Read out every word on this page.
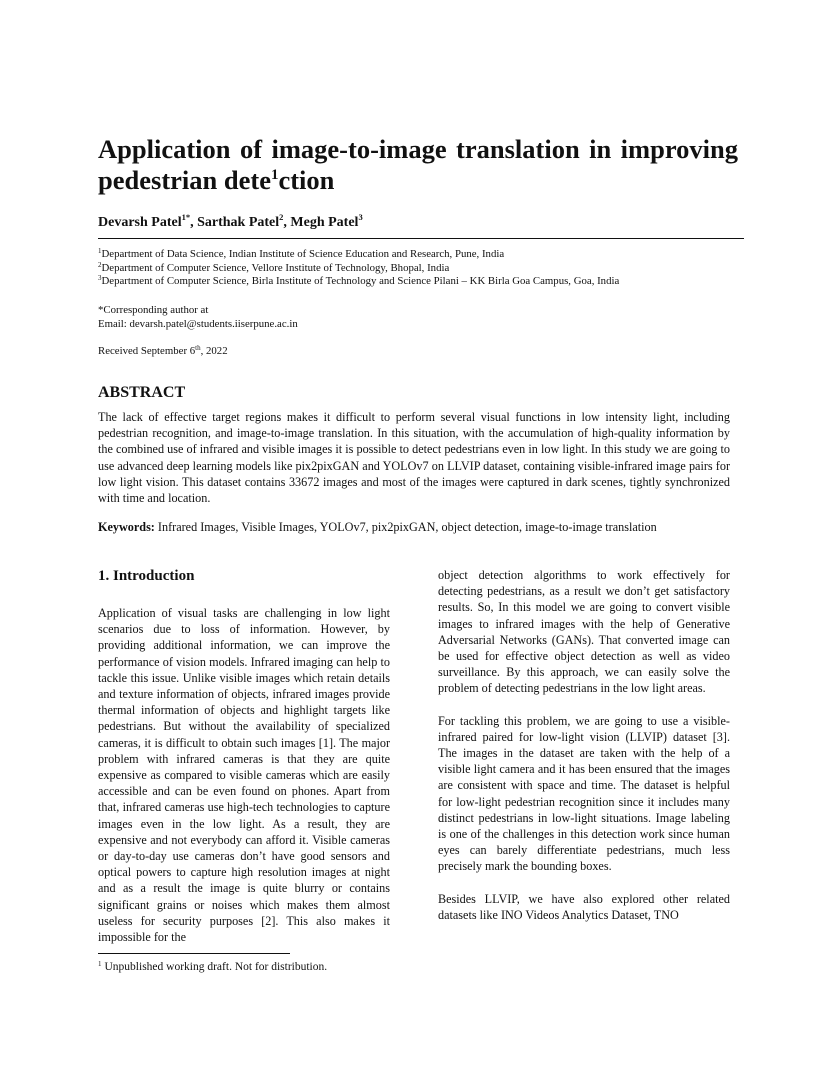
Application of image-to-image translation in improving pedestrian dete$^1$ction
Devarsh Patel$^{1*}$, Sarthak Patel$^2$, Megh Patel$^3$
$^1$Department of Data Science, Indian Institute of Science Education and Research, Pune, India
$^2$Department of Computer Science, Vellore Institute of Technology, Bhopal, India
$^3$Department of Computer Science, Birla Institute of Technology and Science Pilani – KK Birla Goa Campus, Goa, India
*Corresponding author at
Email: devarsh.patel@students.iiserpune.ac.in
Received September 6th, 2022
ABSTRACT

The lack of effective target regions makes it difficult to perform several visual functions in low intensity light, including pedestrian recognition, and image-to-image translation. In this situation, with the accumulation of high-quality information by the combined use of infrared and visible images it is possible to detect pedestrians even in low light. In this study we are going to use advanced deep learning models like pix2pixGAN and YOLOv7 on LLVIP dataset, containing visible-infrared image pairs for low light vision. This dataset contains 33672 images and most of the images were captured in dark scenes, tightly synchronized with time and location.

Keywords: Infrared Images, Visible Images, YOLOv7, pix2pixGAN, object detection, image-to-image translation
1. Introduction

Application of visual tasks are challenging in low light scenarios due to loss of information. However, by providing additional information, we can improve the performance of vision models. Infrared imaging can help to tackle this issue. Unlike visible images which retain details and texture information of objects, infrared images provide thermal information of objects and highlight targets like pedestrians. But without the availability of specialized cameras, it is difficult to obtain such images [1]. The major problem with infrared cameras is that they are quite expensive as compared to visible cameras which are easily accessible and can be even found on phones. Apart from that, infrared cameras use high-tech technologies to capture images even in the low light. As a result, they are expensive and not everybody can afford it. Visible cameras or day-to-day use cameras don’t have good sensors and optical powers to capture high resolution images at night and as a result the image is quite blurry or contains significant grains or noises which makes them almost useless for security purposes [2]. This also makes it impossible for the

object detection algorithms to work effectively for detecting pedestrians, as a result we don’t get satisfactory results. So, In this model we are going to convert visible images to infrared images with the help of Generative Adversarial Networks (GANs). That converted image can be used for effective object detection as well as video surveillance. By this approach, we can easily solve the problem of detecting pedestrians in the low light areas.

For tackling this problem, we are going to use a visible-infrared paired for low-light vision (LLVIP) dataset [3]. The images in the dataset are taken with the help of a visible light camera and it has been ensured that the images are consistent with space and time. The dataset is helpful for low-light pedestrian recognition since it includes many distinct pedestrians in low-light situations. Image labeling is one of the challenges in this detection work since human eyes can barely differentiate pedestrians, much less precisely mark the bounding boxes.

Besides LLVIP, we have also explored other related datasets like INO Videos Analytics Dataset, TNO

$^1$ Unpublished working draft. Not for distribution.
